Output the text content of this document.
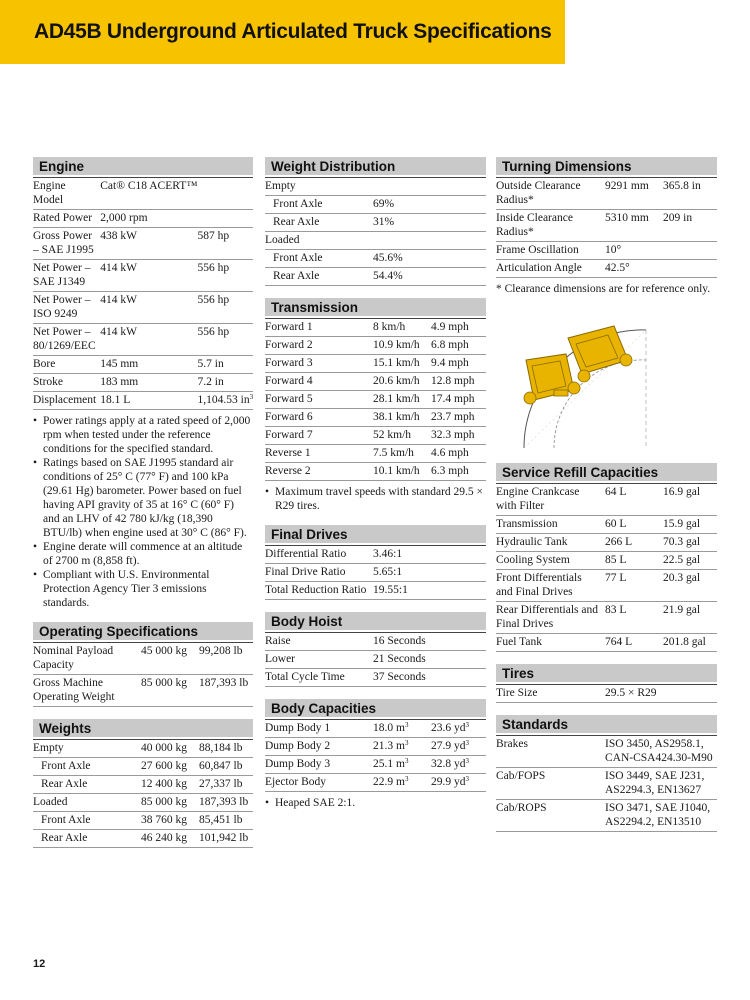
AD45B Underground Articulated Truck Specifications
Engine
Engine Model	Cat® C18 ACERT™	
Rated Power	2,000 rpm	
Gross Power – SAE J1995	438 kW	587 hp
Net Power – SAE J1349	414 kW	556 hp
Net Power – ISO 9249	414 kW	556 hp
Net Power – 80/1269/EEC	414 kW	556 hp
Bore	145 mm	5.7 in
Stroke	183 mm	7.2 in
Displacement	18.1 L	1,104.53 $in^3$
• Power ratings apply at a rated speed of 2,000 rpm when tested under the reference conditions for the specified standard.
• Ratings based on SAE J1995 standard air conditions of 25° C (77° F) and 100 kPa (29.61 Hg) barometer. Power based on fuel having API gravity of 35 at 16° C (60° F) and an LHV of 42 780 kJ/kg (18,390 BTU/lb) when engine used at 30° C (86° F).
• Engine derate will commence at an altitude of 2700 m (8,858 ft).
• Compliant with U.S. Environmental Protection Agency Tier 3 emissions standards.
Operating Specifications
Nominal Payload Capacity	45 000 kg	99,208 lb
Gross Machine Operating Weight	85 000 kg	187,393 lb
Weights
Empty	40 000 kg	88,184 lb
Front Axle	27 600 kg	60,847 lb
Rear Axle	12 400 kg	27,337 lb
Loaded	85 000 kg	187,393 lb
Front Axle	38 760 kg	85,451 lb
Rear Axle	46 240 kg	101,942 lb
Weight Distribution
Empty	
Front Axle	69%
Rear Axle	31%
Loaded	
Front Axle	45.6%
Rear Axle	54.4%
Transmission
Forward 1	8 km/h	4.9 mph
Forward 2	10.9 km/h	6.8 mph
Forward 3	15.1 km/h	9.4 mph
Forward 4	20.6 km/h	12.8 mph
Forward 5	28.1 km/h	17.4 mph
Forward 6	38.1 km/h	23.7 mph
Forward 7	52 km/h	32.3 mph
Reverse 1	7.5 km/h	4.6 mph
Reverse 2	10.1 km/h	6.3 mph
• Maximum travel speeds with standard 29.5 × R29 tires.
Final Drives
Differential Ratio	3.46:1
Final Drive Ratio	5.65:1
Total Reduction Ratio	19.55:1
Body Hoist
Raise	16 Seconds
Lower	21 Seconds
Total Cycle Time	37 Seconds
Body Capacities
Dump Body 1	18.0 $m^3$	23.6 $yd^3$
Dump Body 2	21.3 $m^3$	27.9 $yd^3$
Dump Body 3	25.1 $m^3$	32.8 $yd^3$
Ejector Body	22.9 $m^3$	29.9 $yd^3$
• Heaped SAE 2:1.
Turning Dimensions
Outside Clearance Radius*	9291 mm	365.8 in
Inside Clearance Radius*	5310 mm	209 in
Frame Oscillation	10°	
Articulation Angle	42.5°	
* Clearance dimensions are for reference only.
Service Refill Capacities
Engine Crankcase with Filter	64 L	16.9 gal
Transmission	60 L	15.9 gal
Hydraulic Tank	266 L	70.3 gal
Cooling System	85 L	22.5 gal
Front Differentials and Final Drives	77 L	20.3 gal
Rear Differentials and Final Drives	83 L	21.9 gal
Fuel Tank	764 L	201.8 gal
Tires
Tire Size	29.5 × R29
Standards
Brakes	ISO 3450, AS2958.1, CAN-CSA424.30-M90
Cab/FOPS	ISO 3449, SAE J231, AS2294.3, EN13627
Cab/ROPS	ISO 3471, SAE J1040, AS2294.2, EN13510
12
